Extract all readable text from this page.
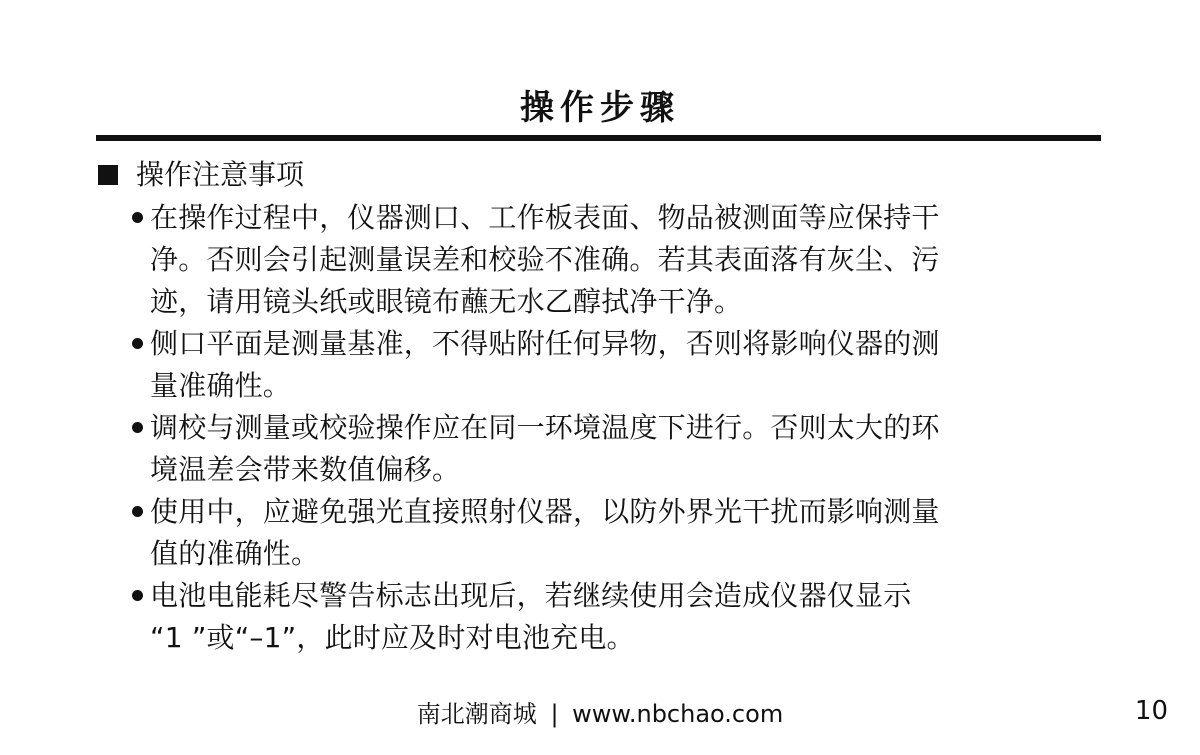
操作步骤
操作注意事项
在操作过程中，仪器测口、工作板表面、物品被测面等应保持干
净。否则会引起测量误差和校验不准确。若其表面落有灰尘、污
迹，请用镜头纸或眼镜布蘸无水乙醇拭净干净。
侧口平面是测量基准，不得贴附任何异物，否则将影响仪器的测
量准确性。
调校与测量或校验操作应在同一环境温度下进行。否则太大的环
境温差会带来数值偏移。
使用中，应避免强光直接照射仪器，以防外界光干扰而影响测量
值的准确性。
电池电能耗尽警告标志出现后，若继续使用会造成仪器仅显示
“1 ”或“–1”，此时应及时对电池充电。
南北潮商城 | www.nbchao.com	10
